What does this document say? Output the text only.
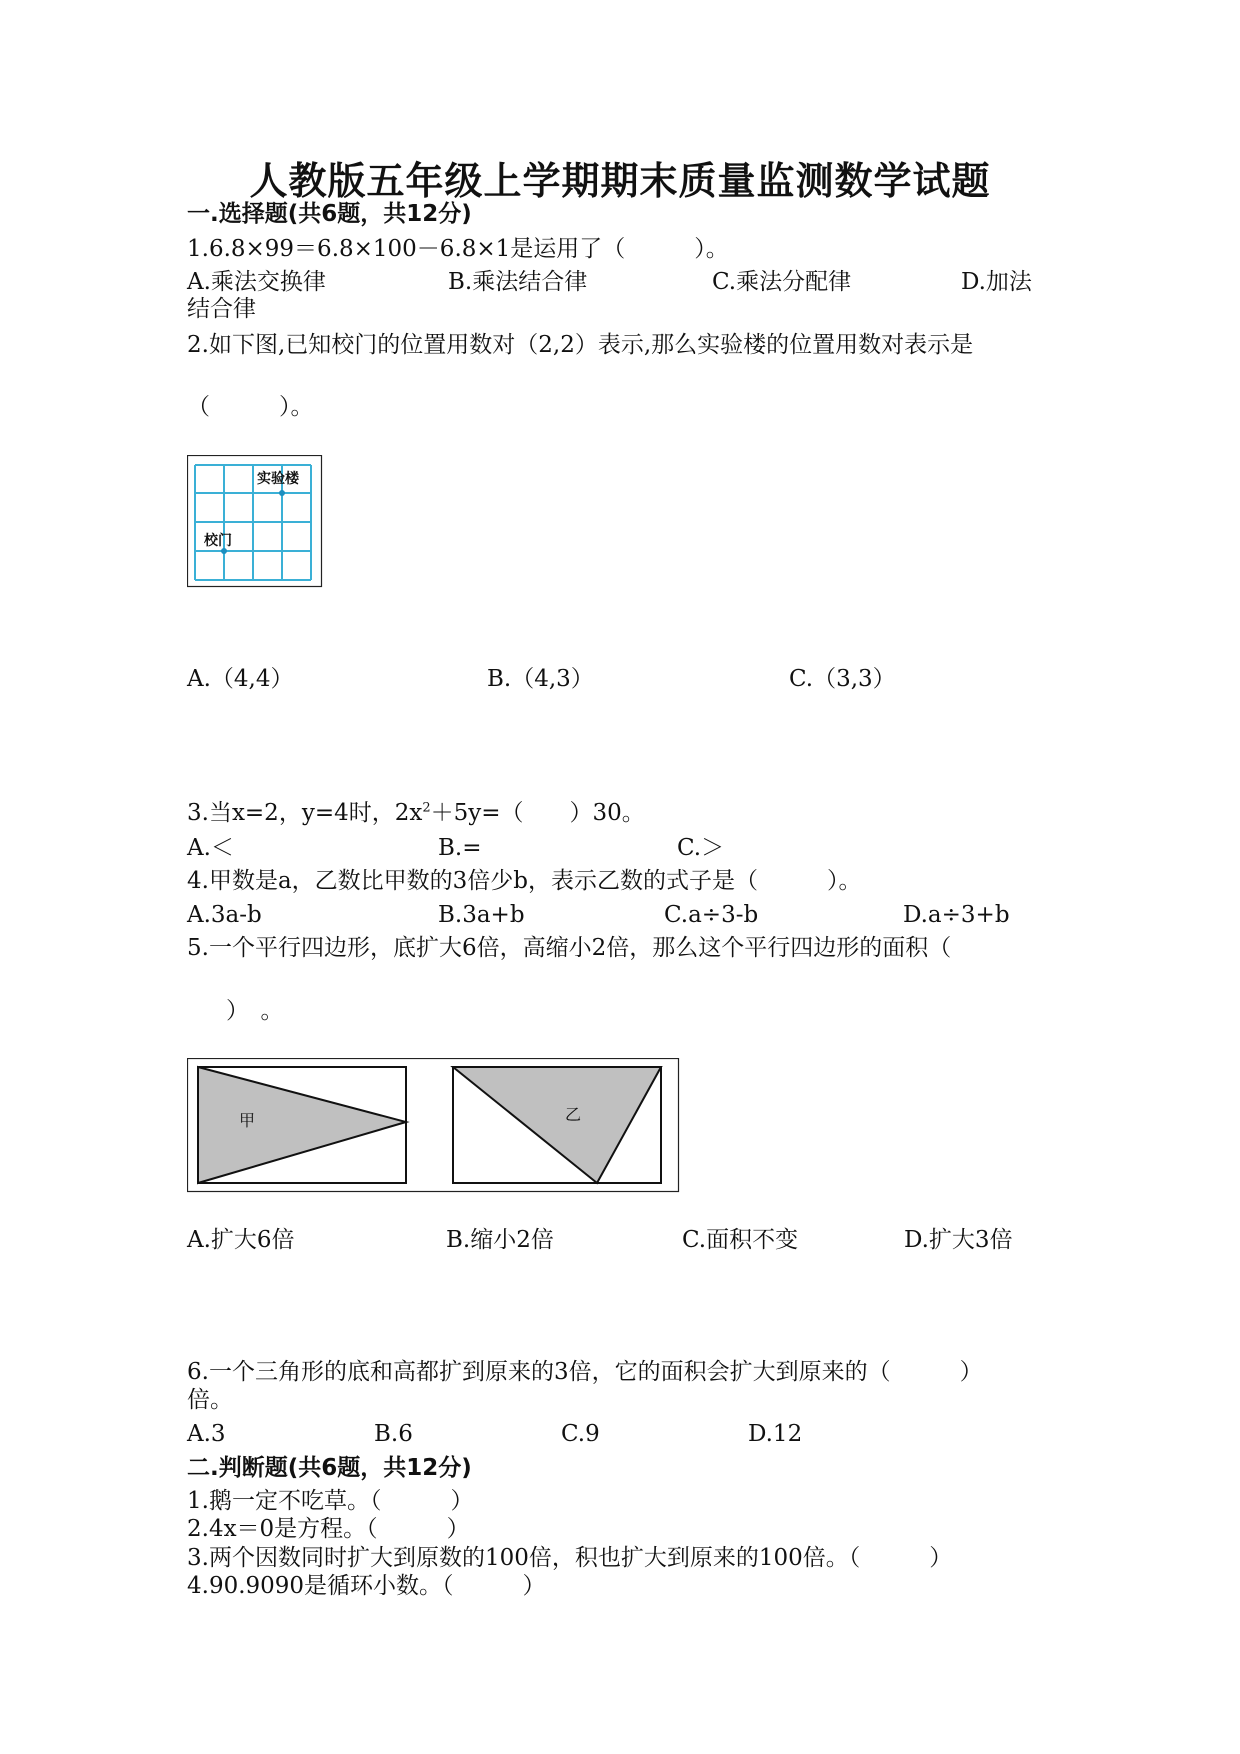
人教版五年级上学期期末质量监测数学试题
一.选择题(共6题，共12分)
1.6.8×99＝6.8×100－6.8×1是运用了（　　　）。
A.乘法交换律	B.乘法结合律	C.乘法分配律	D.加法
结合律
2.如下图,已知校门的位置用数对（2,2）表示,那么实验楼的位置用数对表示是
（　　　）。
实验楼
校门
A.（4,4）	B.（4,3）	C.（3,3）
3.当x=2，y=4时，$2x^2+5y=$（　　）30。
A.＜	B.=	C.＞
4.甲数是a，乙数比甲数的3倍少b，表示乙数的式子是（　　　）。
A.3a-b	B.3a+b	C.a÷3-b	D.a÷3+b
5.一个平行四边形，底扩大6倍，高缩小2倍，那么这个平行四边形的面积（
）　。
甲	乙
A.扩大6倍	B.缩小2倍	C.面积不变	D.扩大3倍
6.一个三角形的底和高都扩到原来的3倍，它的面积会扩大到原来的（　　　）
倍。
A.3	B.6	C.9	D.12
二.判断题(共6题，共12分)
1.鹅一定不吃草。（　　　）
2.4x＝0是方程。（　　　）
3.两个因数同时扩大到原数的100倍，积也扩大到原来的100倍。（　　　）
4.90.9090是循环小数。（　　　）
